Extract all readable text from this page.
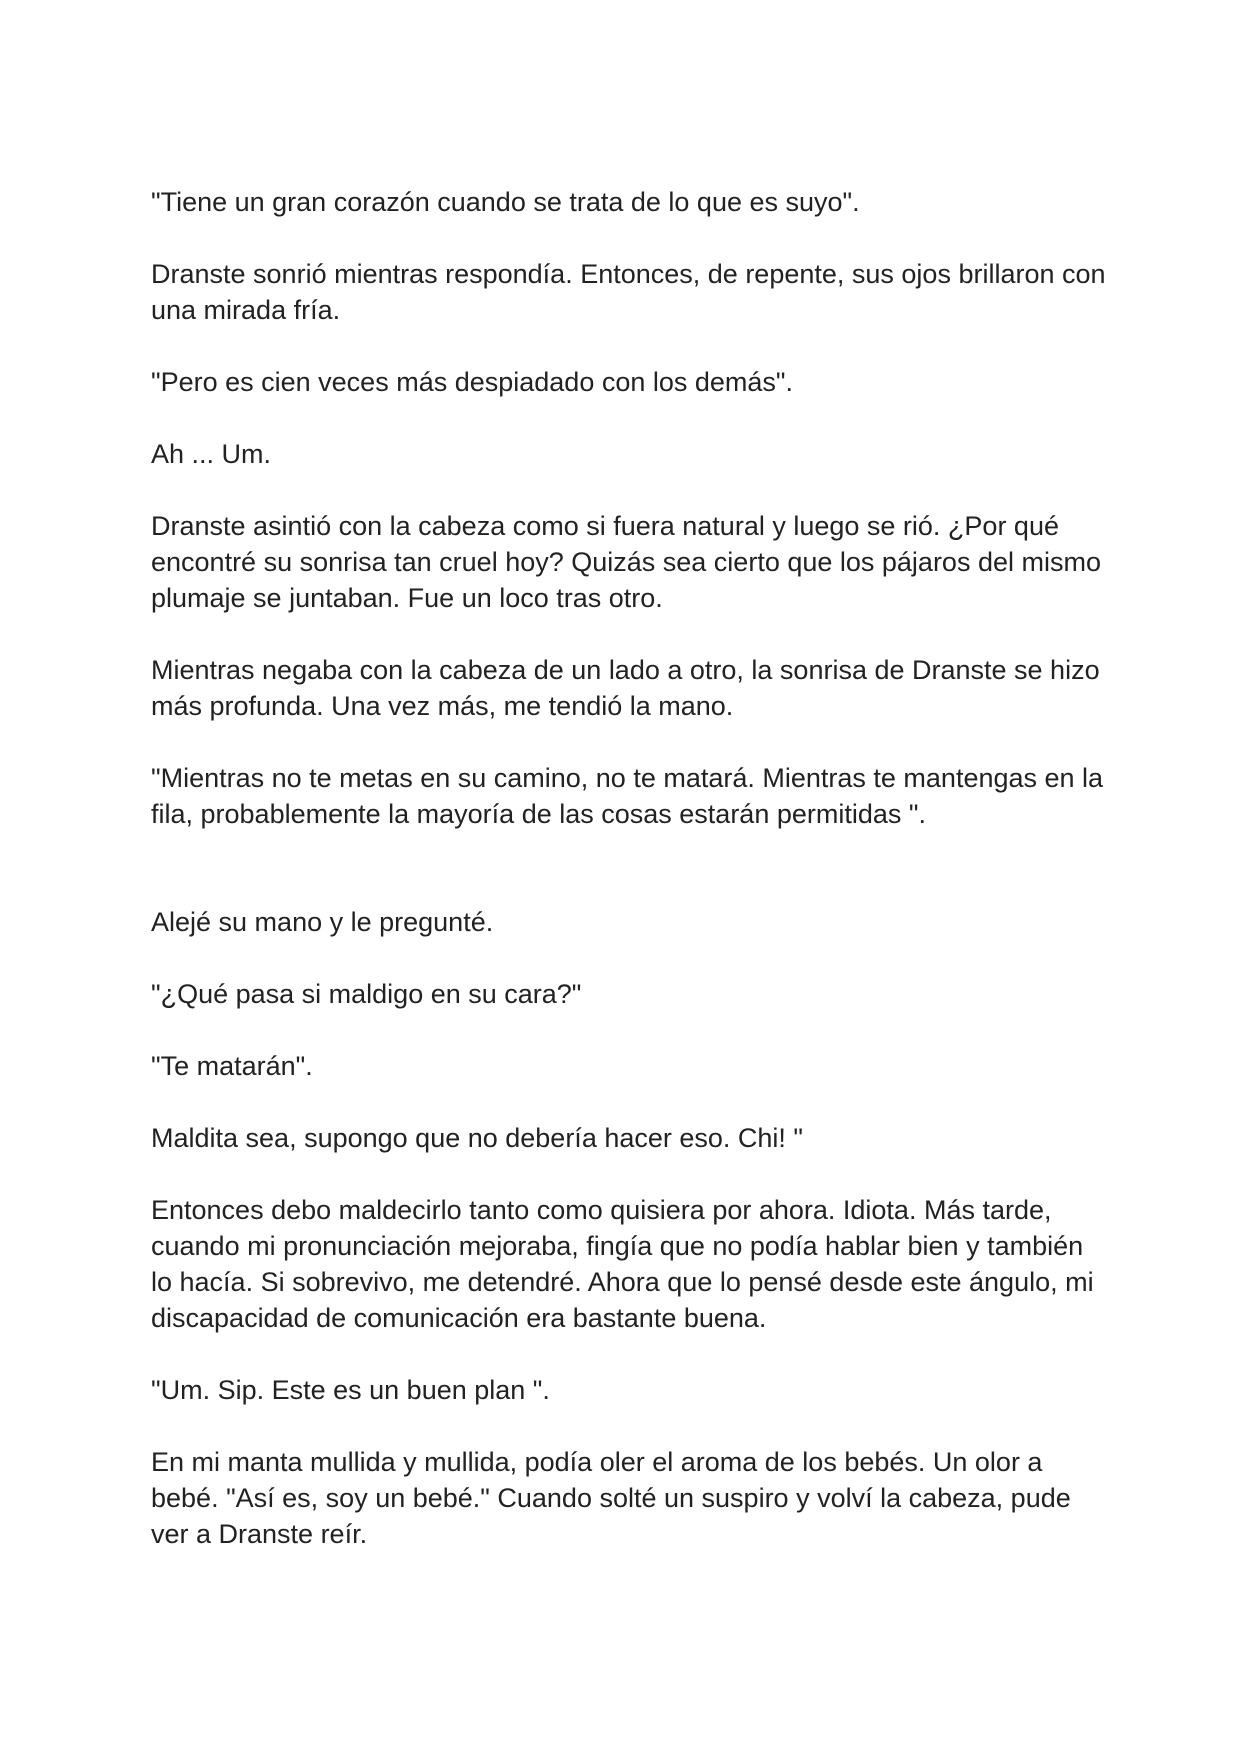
"Tiene un gran corazón cuando se trata de lo que es suyo".

Dranste sonrió mientras respondía. Entonces, de repente, sus ojos brillaron con una mirada fría.

"Pero es cien veces más despiadado con los demás".

Ah ... Um.

Dranste asintió con la cabeza como si fuera natural y luego se rió. ¿Por qué encontré su sonrisa tan cruel hoy? Quizás sea cierto que los pájaros del mismo plumaje se juntaban. Fue un loco tras otro.

Mientras negaba con la cabeza de un lado a otro, la sonrisa de Dranste se hizo más profunda. Una vez más, me tendió la mano.

"Mientras no te metas en su camino, no te matará. Mientras te mantengas en la fila, probablemente la mayoría de las cosas estarán permitidas ".

Alejé su mano y le pregunté.

"¿Qué pasa si maldigo en su cara?"

"Te matarán".

Maldita sea, supongo que no debería hacer eso. Chi! "

Entonces debo maldecirlo tanto como quisiera por ahora. Idiota. Más tarde, cuando mi pronunciación mejoraba, fingía que no podía hablar bien y también lo hacía. Si sobrevivo, me detendré. Ahora que lo pensé desde este ángulo, mi discapacidad de comunicación era bastante buena.

"Um. Sip. Este es un buen plan ".

En mi manta mullida y mullida, podía oler el aroma de los bebés. Un olor a bebé. "Así es, soy un bebé." Cuando solté un suspiro y volví la cabeza, pude ver a Dranste reír.
